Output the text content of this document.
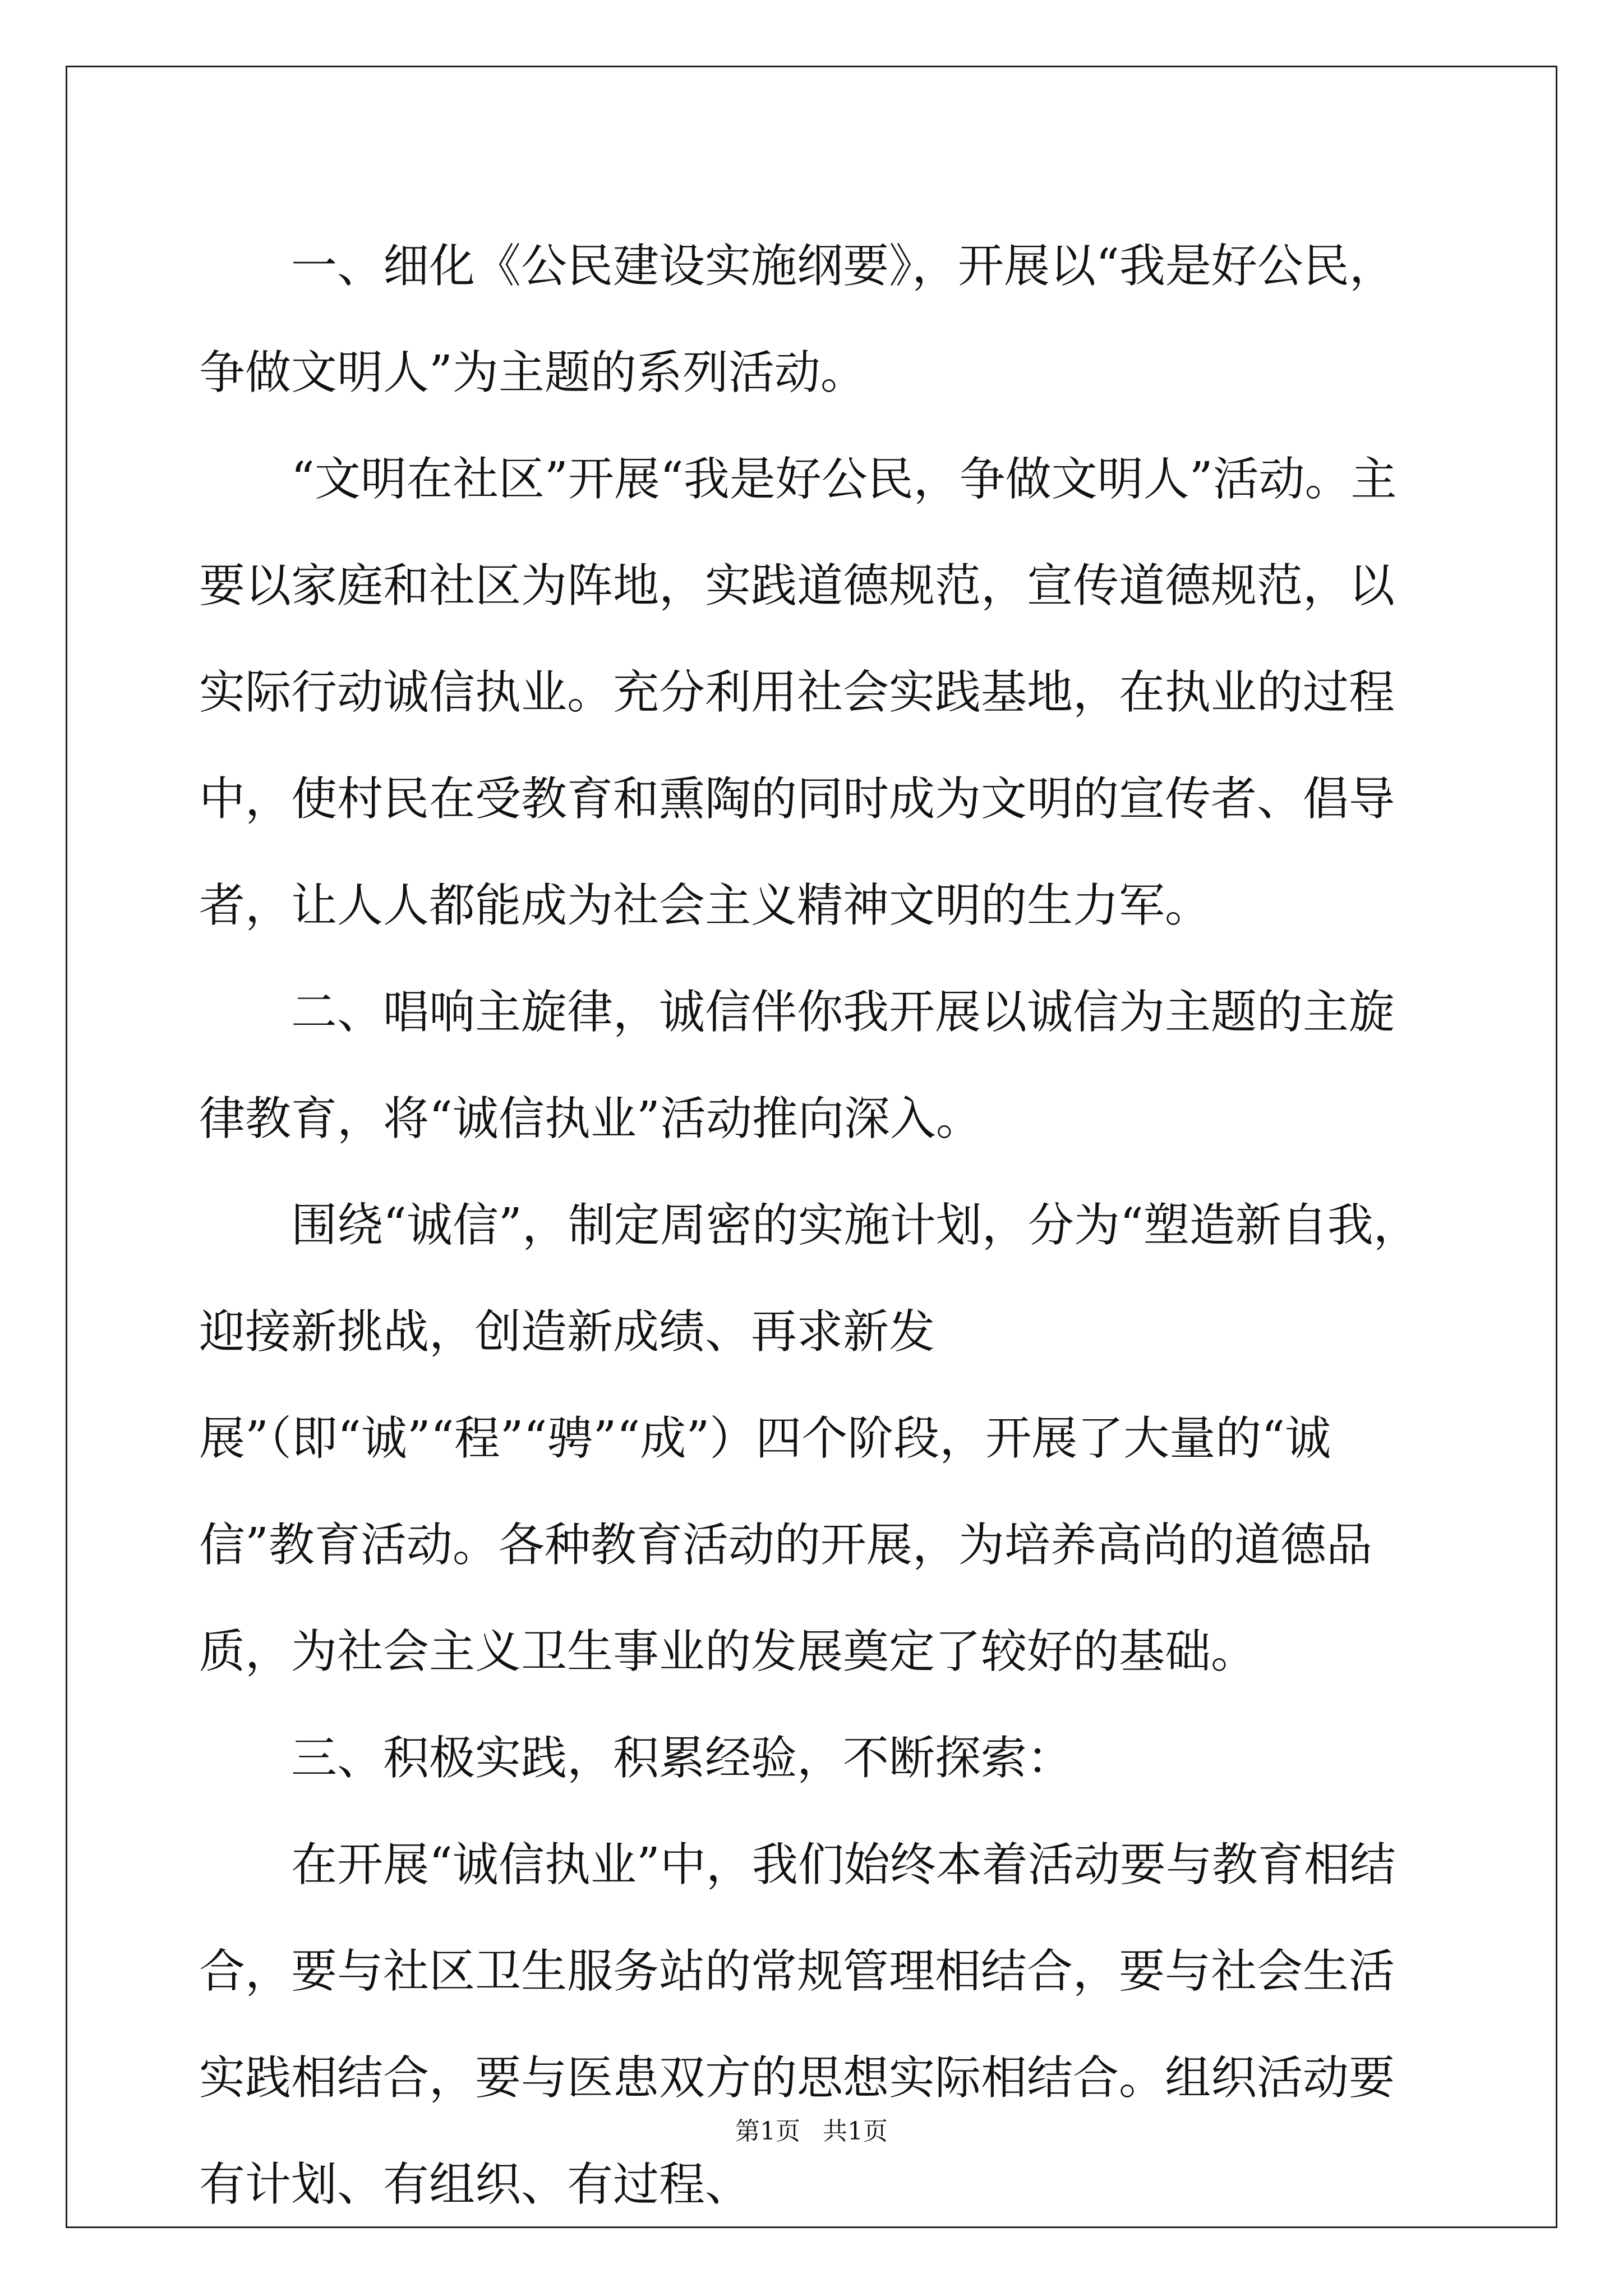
一、细化《公民建设实施纲要》，开展以“我是好公民，争做文明人”为主题的系列活动。

“文明在社区”开展“我是好公民，争做文明人”活动。主要以家庭和社区为阵地，实践道德规范，宣传道德规范，以实际行动诚信执业。充分利用社会实践基地，在执业的过程中，使村民在受教育和熏陶的同时成为文明的宣传者、倡导者，让人人都能成为社会主义精神文明的生力军。

二、唱响主旋律，诚信伴你我开展以诚信为主题的主旋律教育，将“诚信执业”活动推向深入。

围绕“诚信”，制定周密的实施计划，分为“塑造新自我，迎接新挑战，创造新成绩、再求新发展”（即“诚”“程”“骋”“成”）四个阶段，开展了大量的“诚信”教育活动。各种教育活动的开展，为培养高尚的道德品质，为社会主义卫生事业的发展奠定了较好的基础。

三、积极实践，积累经验，不断探索：

在开展“诚信执业”中，我们始终本着活动要与教育相结合，要与社区卫生服务站的常规管理相结合，要与社会生活实践相结合，要与医患双方的思想实际相结合。组织活动要有计划、有组织、有过程、

第1页 共1页
